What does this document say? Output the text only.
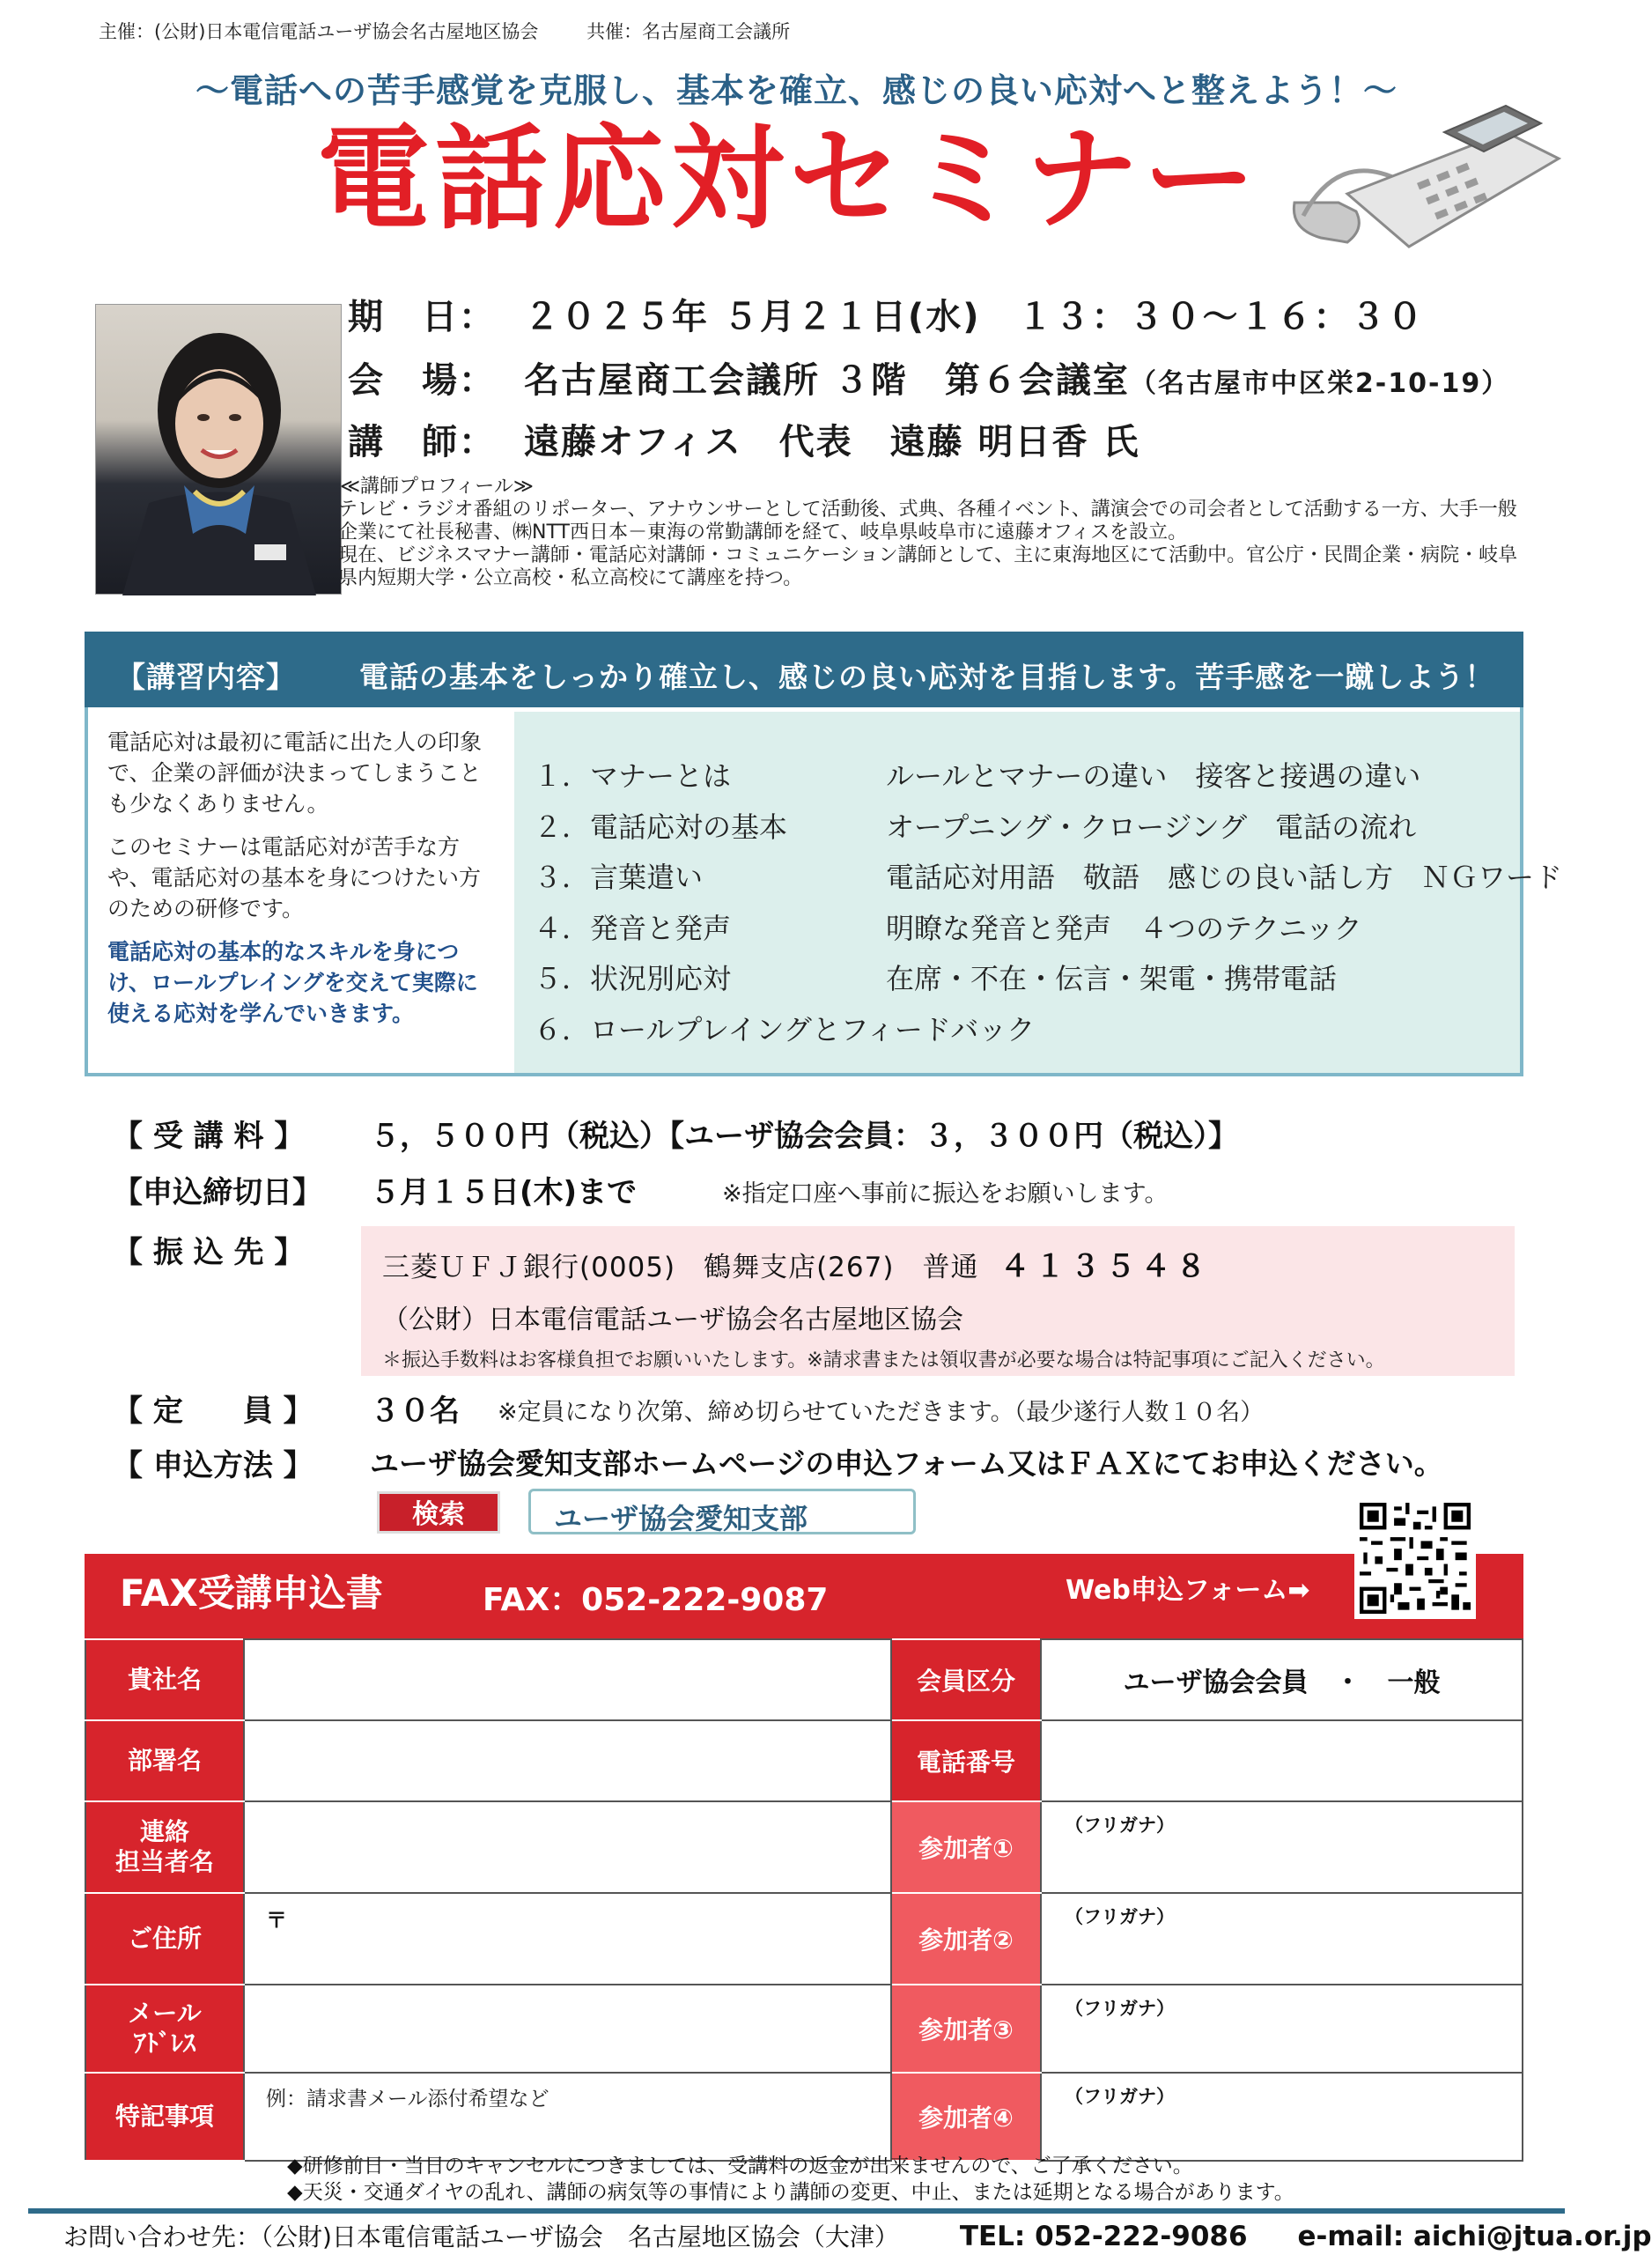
主催：(公財)日本電信電話ユーザ協会名古屋地区協会	共催：名古屋商工会議所
～電話への苦手感覚を克服し、基本を確立、感じの良い応対へと整えよう！～
電話応対セミナー
期　日： ２０２５年 ５月２１日(水)　１３：３０～１６：３０
会　場： 名古屋商工会議所 ３階　第６会議室（名古屋市中区栄2-10-19）
講　師： 遠藤オフィス　代表　遠藤 明日香 氏
≪講師プロフィール≫
テレビ・ラジオ番組のリポーター、アナウンサーとして活動後、式典、各種イベント、講演会での司会者として活動する一方、大手一般
企業にて社長秘書、㈱NTT西日本－東海の常勤講師を経て、岐阜県岐阜市に遠藤オフィスを設立。
現在、ビジネスマナー講師・電話応対講師・コミュニケーション講師として、主に東海地区にて活動中。官公庁・民間企業・病院・岐阜
県内短期大学・公立高校・私立高校にて講座を持つ。
【講習内容】 電話の基本をしっかり確立し、感じの良い応対を目指します。苦手感を一蹴しよう！

電話応対は最初に電話に出た人の印象で、企業の評価が決まってしまうことも少なくありません。

このセミナーは電話応対が苦手な方や、電話応対の基本を身につけたい方のための研修です。

電話応対の基本的なスキルを身につけ、ロールプレイングを交えて実際に使える応対を学んでいきます。

１．マナーとは	ルールとマナーの違い　接客と接遇の違い
２．電話応対の基本	オープニング・クロージング　電話の流れ
３．言葉遣い	電話応対用語　敬語　感じの良い話し方　ＮＧワード
４．発音と発声	明瞭な発音と発声　４つのテクニック
５．状況別応対	在席・不在・伝言・架電・携帯電話
６．ロールプレイングとフィードバック
【 受 講 料 】 ５，５００円（税込）【ユーザ協会会員：３，３００円（税込）】
【申込締切日】 ５月１５日(木)まで	※指定口座へ事前に振込をお願いします。
【 振 込 先 】	三菱ＵＦＪ銀行(0005)　鶴舞支店(267)　普通 ４１３５４８
（公財）日本電信電話ユーザ協会名古屋地区協会
＊振込手数料はお客様負担でお願いいたします。※請求書または領収書が必要な場合は特記事項にご記入ください。
【 定　　員 】 ３０名 ※定員になり次第、締め切らせていただきます。（最少遂行人数１０名）
【 申込方法 】 ユーザ協会愛知支部ホームページの申込フォーム又はＦＡＸにてお申込ください。
検索	ユーザ協会愛知支部
FAX受講申込書	FAX：052-222-9087	Web申込フォーム➡
貴社名		会員区分	ユーザ協会会員　・　一般
部署名		電話番号	
連絡
担当者名		参加者①	（フリガナ）

ご住所	〒	参加者②	（フリガナ）

メール
ｱﾄﾞﾚｽ		参加者③	（フリガナ）

特記事項	例：請求書メール添付希望など	参加者④	（フリガナ）
◆研修前日・当日のキャンセルにつきましては、受講料の返金が出来ませんので、ご了承ください。
◆天災・交通ダイヤの乱れ、講師の病気等の事情により講師の変更、中止、または延期となる場合があります。
お問い合わせ先：（公財)日本電信電話ユーザ協会　名古屋地区協会（大津） TEL: 052-222-9086 e-mail: aichi@jtua.or.jp
